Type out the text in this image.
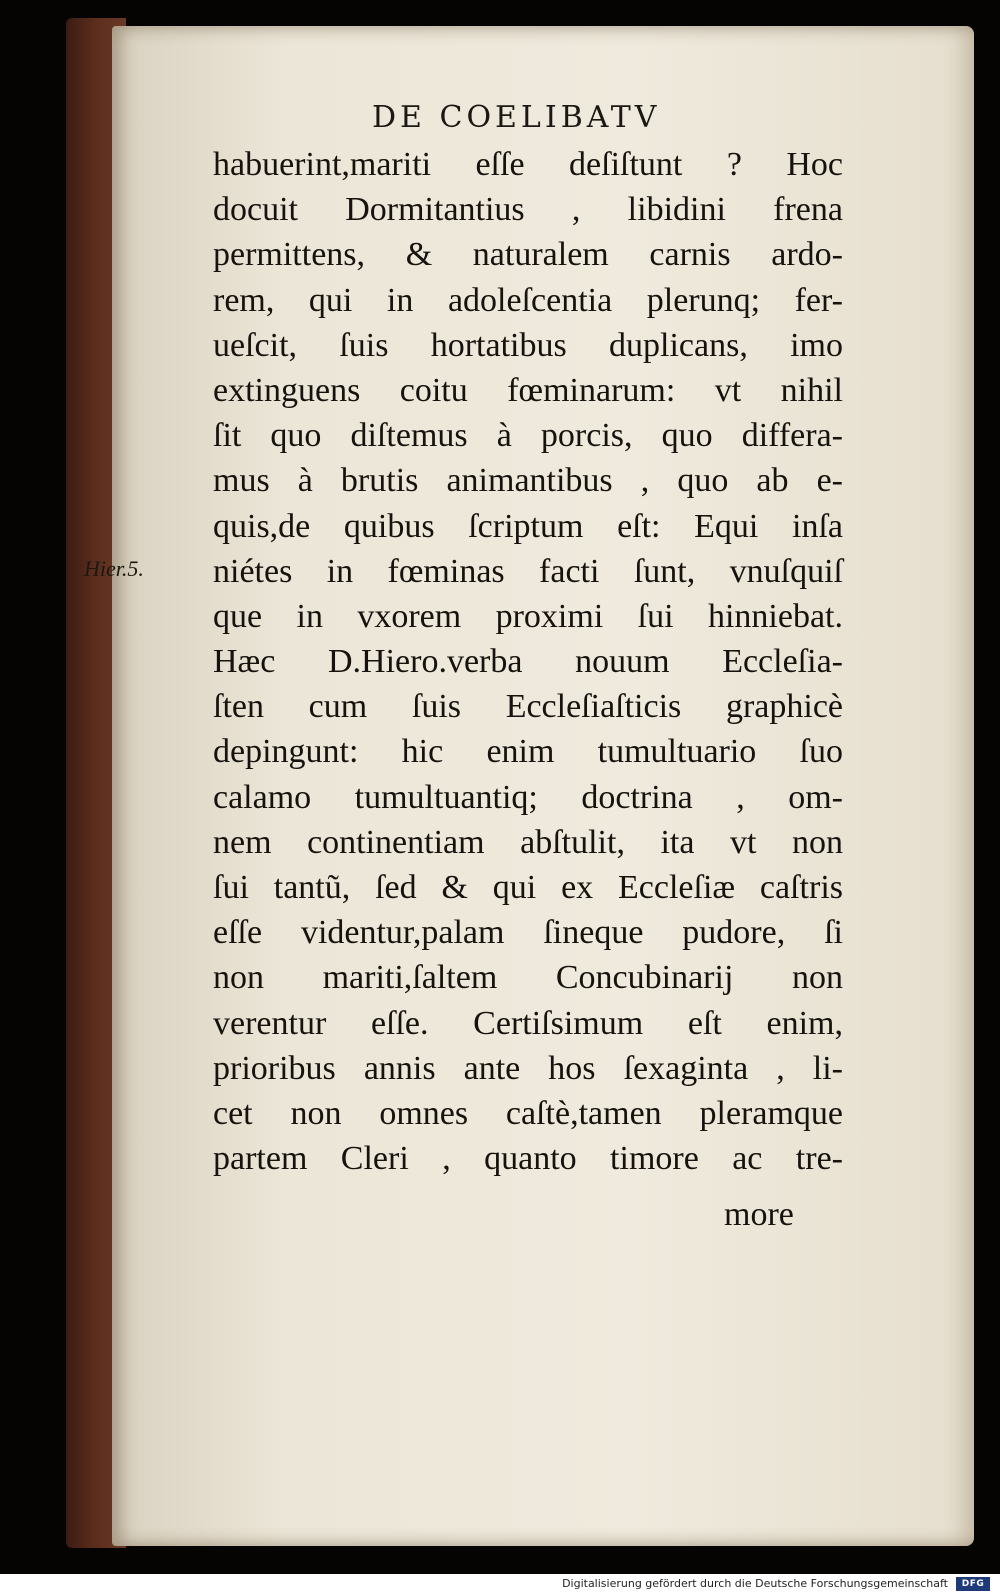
DE COELIBATV
Hier.5.
habuerint,mariti eſſe deſiſtunt ? Hoc
docuit Dormitantius , libidini frena
permittens, & naturalem carnis ardo-
rem, qui in adoleſcentia plerunq; fer-
ueſcit, ſuis hortatibus duplicans, imo
extinguens coitu fœminarum: vt nihil
ſit quo diſtemus à porcis, quo differa-
mus à brutis animantibus , quo ab e-
quis,de quibus ſcriptum eſt: Equi inſa
niétes in fœminas facti ſunt, vnuſquiſ
que in vxorem proximi ſui hinniebat.
Hæc D.Hiero.verba nouum Eccleſia-
ſten cum ſuis Eccleſiaſticis graphicè
depingunt: hic enim tumultuario ſuo
calamo tumultuantiq; doctrina , om-
nem continentiam abſtulit, ita vt non
ſui tantũ, ſed & qui ex Eccleſiæ caſtris
eſſe videntur,palam ſineque pudore, ſi
non mariti,ſaltem Concubinarij non
verentur eſſe. Certiſsimum eſt enim,
prioribus annis ante hos ſexaginta , li-
cet non omnes caſtè,tamen pleramque
partem Cleri , quanto timore ac tre-
more
Digitalisierung gefördert durch die Deutsche Forschungsgemeinschaft	DFG
